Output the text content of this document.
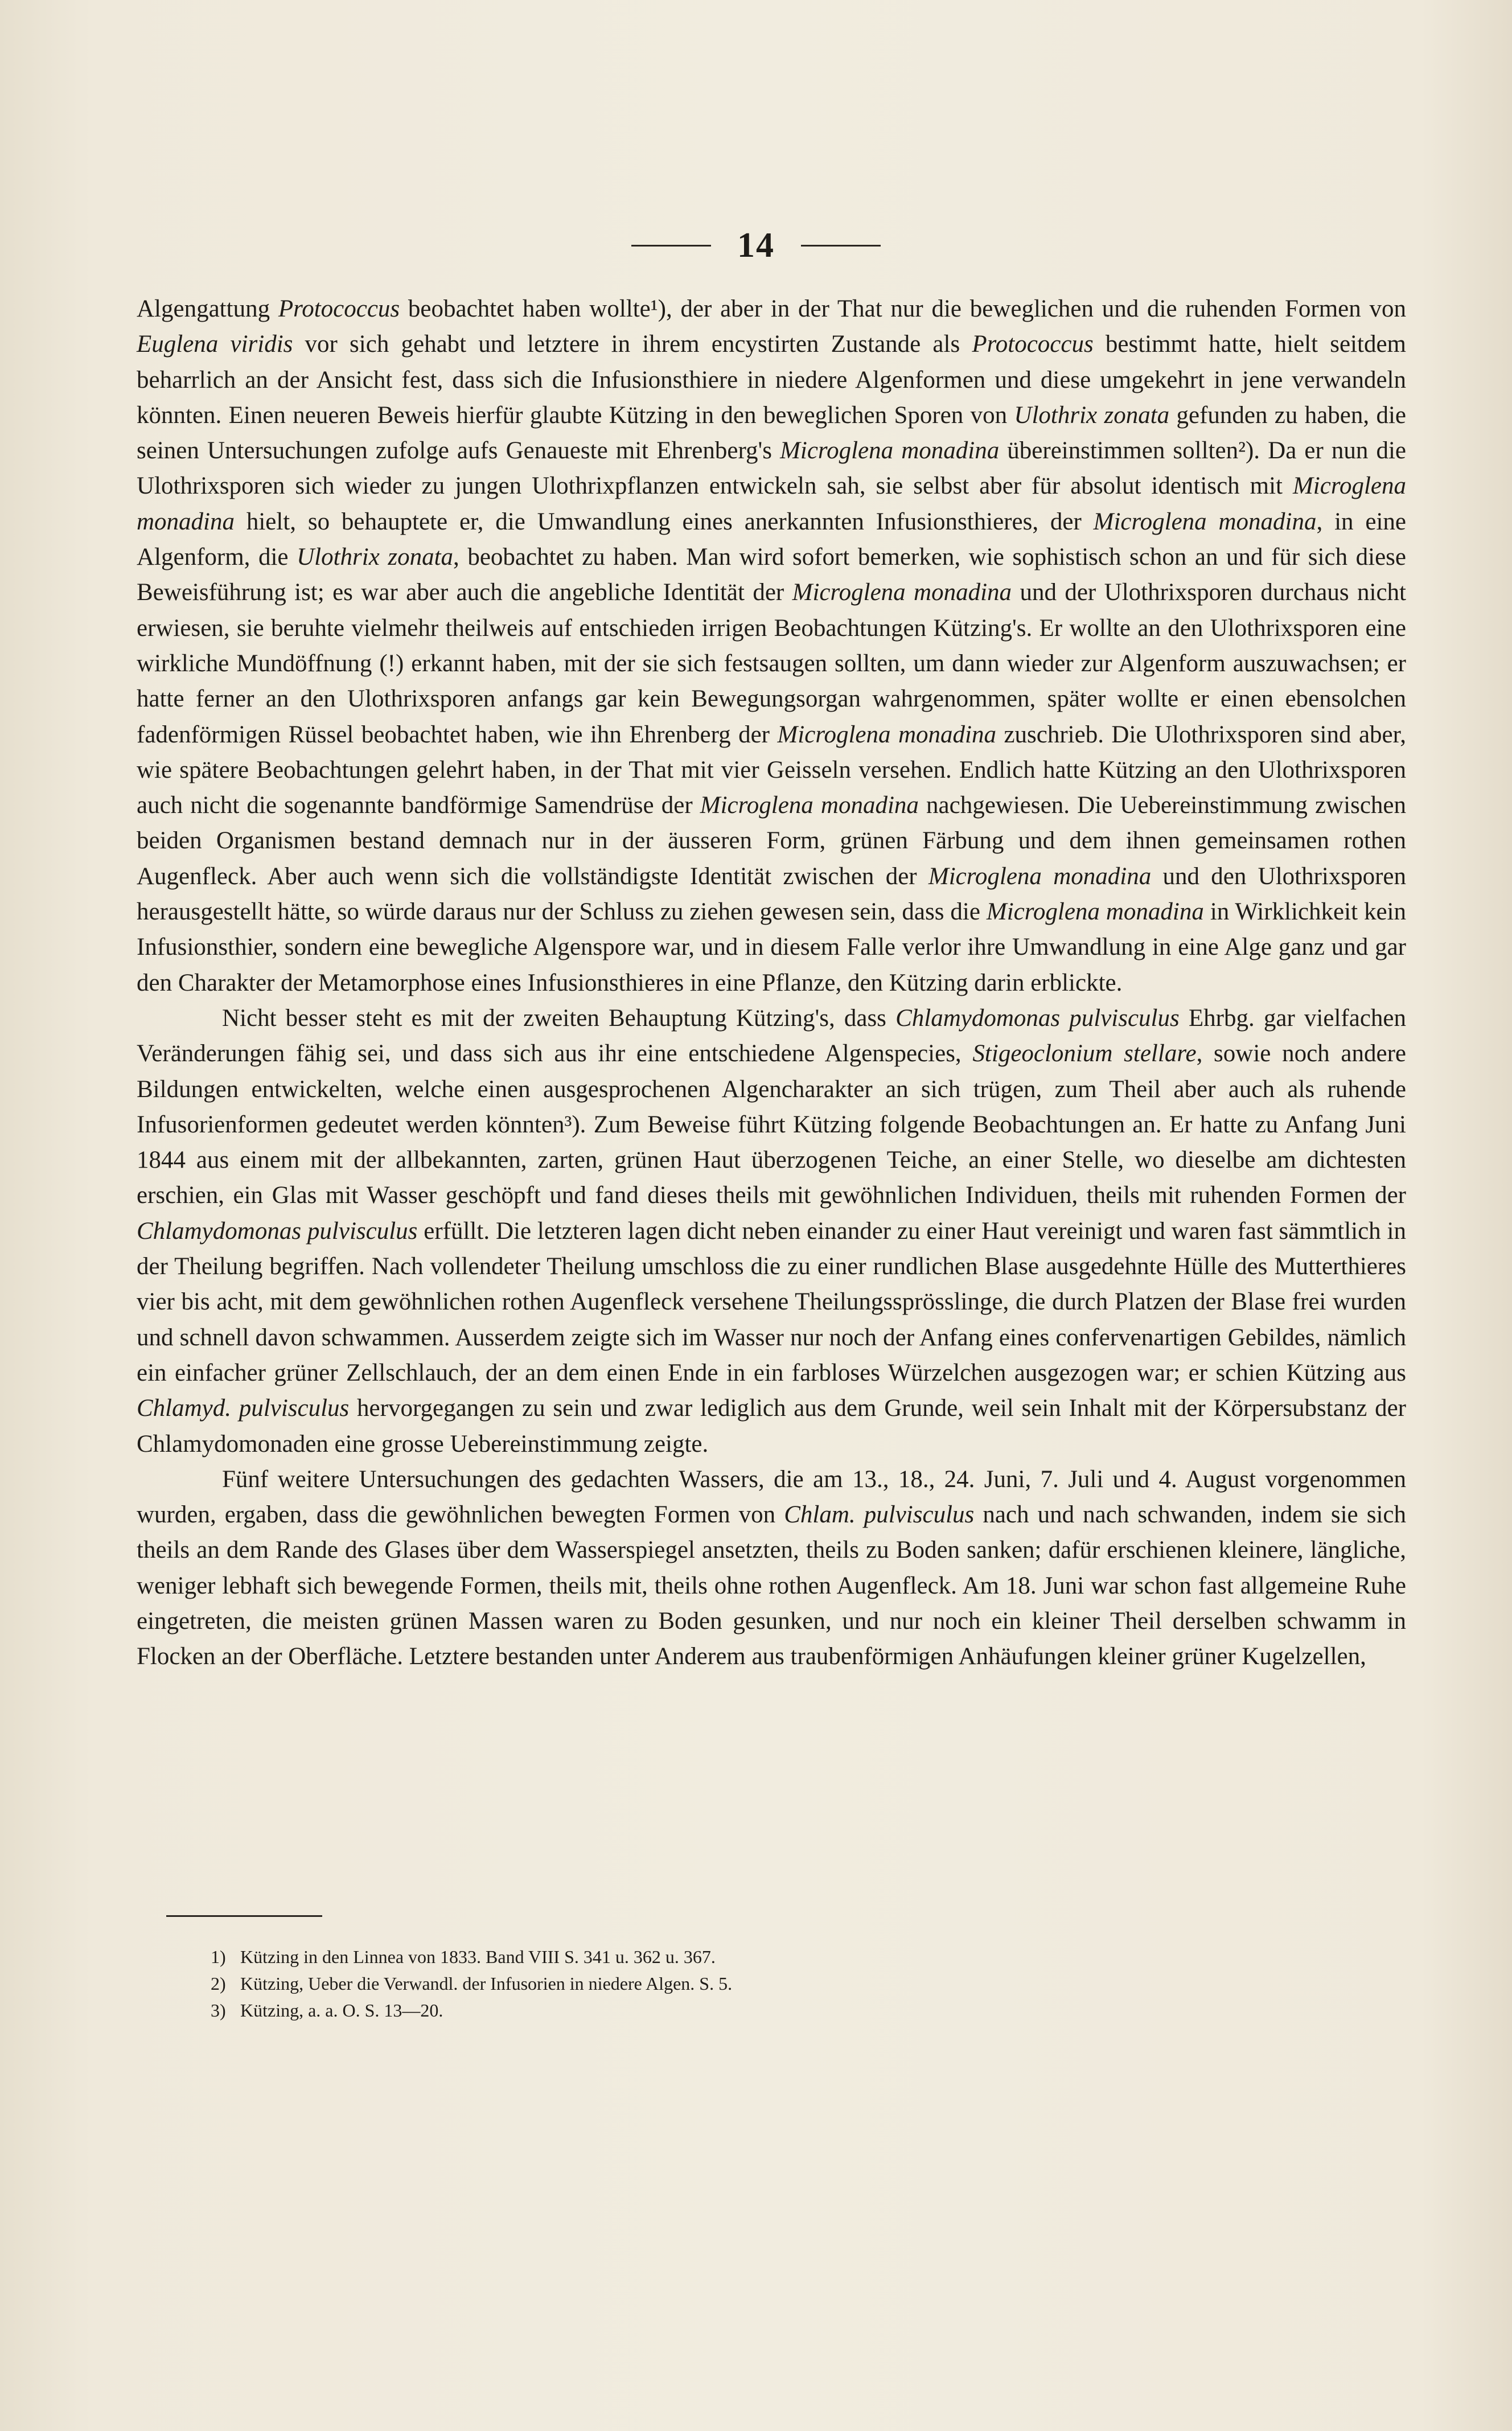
14

Algengattung Protococcus beobachtet haben wollte¹), der aber in der That nur die beweglichen und die ruhenden Formen von Euglena viridis vor sich gehabt und letztere in ihrem encystirten Zustande als Protococcus bestimmt hatte, hielt seitdem beharrlich an der Ansicht fest, dass sich die Infusionsthiere in niedere Algenformen und diese umgekehrt in jene verwandeln könnten. Einen neueren Beweis hierfür glaubte Kützing in den beweglichen Sporen von Ulothrix zonata gefunden zu haben, die seinen Untersuchungen zufolge aufs Genaueste mit Ehrenberg's Microglena monadina übereinstimmen sollten²). Da er nun die Ulothrixsporen sich wieder zu jungen Ulothrixpflanzen entwickeln sah, sie selbst aber für absolut identisch mit Microglena monadina hielt, so behauptete er, die Umwandlung eines anerkannten Infusionsthieres, der Microglena monadina, in eine Algenform, die Ulothrix zonata, beobachtet zu haben. Man wird sofort bemerken, wie sophistisch schon an und für sich diese Beweisführung ist; es war aber auch die angebliche Identität der Microglena monadina und der Ulothrixsporen durchaus nicht erwiesen, sie beruhte vielmehr theilweis auf entschieden irrigen Beobachtungen Kützing's. Er wollte an den Ulothrixsporen eine wirkliche Mundöffnung (!) erkannt haben, mit der sie sich festsaugen sollten, um dann wieder zur Algenform auszuwachsen; er hatte ferner an den Ulothrixsporen anfangs gar kein Bewegungsorgan wahrgenommen, später wollte er einen ebensolchen fadenförmigen Rüssel beobachtet haben, wie ihn Ehrenberg der Microglena monadina zuschrieb. Die Ulothrixsporen sind aber, wie spätere Beobachtungen gelehrt haben, in der That mit vier Geisseln versehen. Endlich hatte Kützing an den Ulothrixsporen auch nicht die sogenannte bandförmige Samendrüse der Microglena monadina nachgewiesen. Die Uebereinstimmung zwischen beiden Organismen bestand demnach nur in der äusseren Form, grünen Färbung und dem ihnen gemeinsamen rothen Augenfleck. Aber auch wenn sich die vollständigste Identität zwischen der Microglena monadina und den Ulothrixsporen herausgestellt hätte, so würde daraus nur der Schluss zu ziehen gewesen sein, dass die Microglena monadina in Wirklichkeit kein Infusionsthier, sondern eine bewegliche Algenspore war, und in diesem Falle verlor ihre Umwandlung in eine Alge ganz und gar den Charakter der Metamorphose eines Infusionsthieres in eine Pflanze, den Kützing darin erblickte.

Nicht besser steht es mit der zweiten Behauptung Kützing's, dass Chlamydomonas pulvisculus Ehrbg. gar vielfachen Veränderungen fähig sei, und dass sich aus ihr eine entschiedene Algenspecies, Stigeoclonium stellare, sowie noch andere Bildungen entwickelten, welche einen ausgesprochenen Algencharakter an sich trügen, zum Theil aber auch als ruhende Infusorienformen gedeutet werden könnten³). Zum Beweise führt Kützing folgende Beobachtungen an. Er hatte zu Anfang Juni 1844 aus einem mit der allbekannten, zarten, grünen Haut überzogenen Teiche, an einer Stelle, wo dieselbe am dichtesten erschien, ein Glas mit Wasser geschöpft und fand dieses theils mit gewöhnlichen Individuen, theils mit ruhenden Formen der Chlamydomonas pulvisculus erfüllt. Die letzteren lagen dicht neben einander zu einer Haut vereinigt und waren fast sämmtlich in der Theilung begriffen. Nach vollendeter Theilung umschloss die zu einer rundlichen Blase ausgedehnte Hülle des Mutterthieres vier bis acht, mit dem gewöhnlichen rothen Augenfleck versehene Theilungssprösslinge, die durch Platzen der Blase frei wurden und schnell davon schwammen. Ausserdem zeigte sich im Wasser nur noch der Anfang eines confervenartigen Gebildes, nämlich ein einfacher grüner Zellschlauch, der an dem einen Ende in ein farbloses Würzelchen ausgezogen war; er schien Kützing aus Chlamyd. pulvisculus hervorgegangen zu sein und zwar lediglich aus dem Grunde, weil sein Inhalt mit der Körpersubstanz der Chlamydomonaden eine grosse Uebereinstimmung zeigte.

Fünf weitere Untersuchungen des gedachten Wassers, die am 13., 18., 24. Juni, 7. Juli und 4. August vorgenommen wurden, ergaben, dass die gewöhnlichen bewegten Formen von Chlam. pulvisculus nach und nach schwanden, indem sie sich theils an dem Rande des Glases über dem Wasserspiegel ansetzten, theils zu Boden sanken; dafür erschienen kleinere, längliche, weniger lebhaft sich bewegende Formen, theils mit, theils ohne rothen Augenfleck. Am 18. Juni war schon fast allgemeine Ruhe eingetreten, die meisten grünen Massen waren zu Boden gesunken, und nur noch ein kleiner Theil derselben schwamm in Flocken an der Oberfläche. Letztere bestanden unter Anderem aus traubenförmigen Anhäufungen kleiner grüner Kugelzellen,

1) Kützing in den Linnea von 1833. Band VIII S. 341 u. 362 u. 367.
2) Kützing, Ueber die Verwandl. der Infusorien in niedere Algen. S. 5.
3) Kützing, a. a. O. S. 13—20.
